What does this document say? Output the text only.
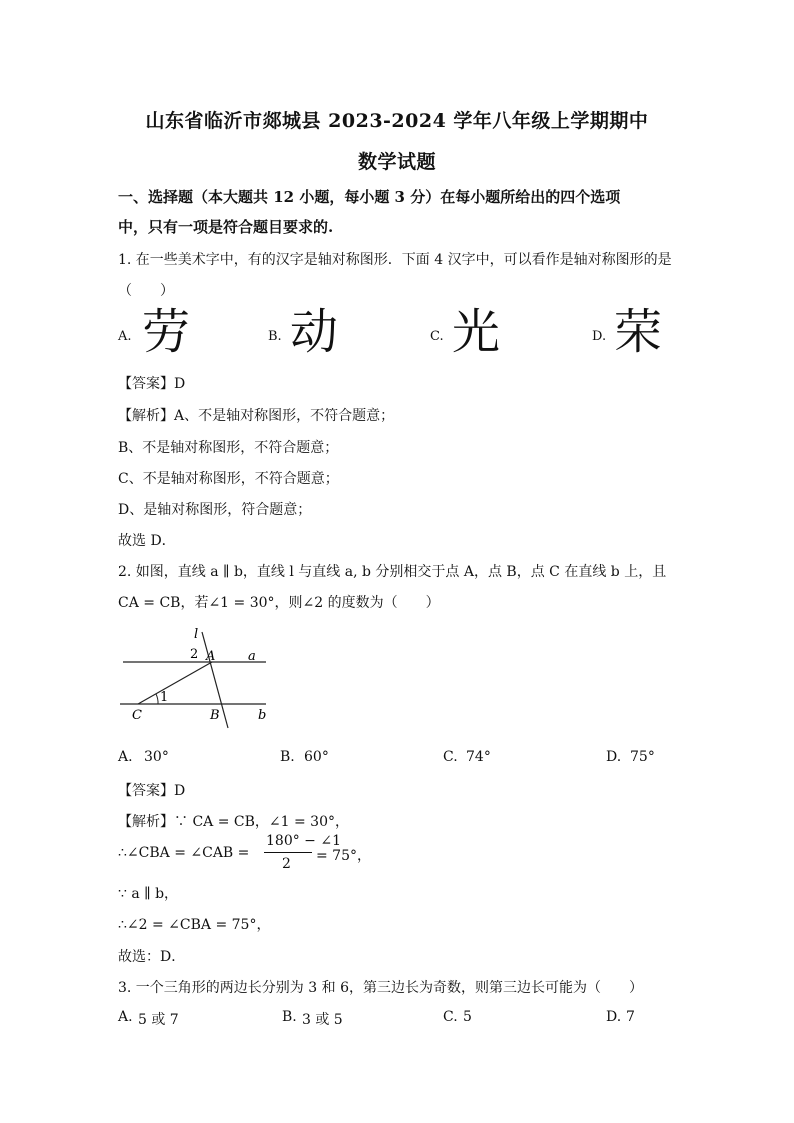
山东省临沂市郯城县 2023-2024 学年八年级上学期期中
数学试题
一、选择题（本大题共 12 小题，每小题 3 分）在每小题所给出的四个选项
中，只有一项是符合题目要求的.
1. 在一些美术字中，有的汉字是轴对称图形．下面 4 汉字中，可以看作是轴对称图形的是
（　　）
A. 劳	B. 动	C. 光	D. 荣
【答案】D
【解析】A、不是轴对称图形，不符合题意；
B、不是轴对称图形，不符合题意；
C、不是轴对称图形，不符合题意；
D、是轴对称图形，符合题意；
故选 D．
2. 如图，直线 a ∥ b，直线 l 与直线 a, b 分别相交于点 A，点 B，点 C 在直线 b 上，且
CA = CB，若∠1 = 30°，则∠2 的度数为（　　）
l
2 A	a
1
C	B	b
A. 30°	B. 60°	C. 74°	D. 75°
【答案】D
【解析】∵ CA = CB，∠1 = 30°，
∴∠CBA = ∠CAB =
180° − ∠1
2 = 75°，
∵ a ∥ b，
∴∠2 = ∠CBA = 75°，
故选：D．
3. 一个三角形的两边长分别为 3 和 6，第三边长为奇数，则第三边长可能为（　　）
A. 5 或 7	B. 3 或 5	C. 5	D. 7
